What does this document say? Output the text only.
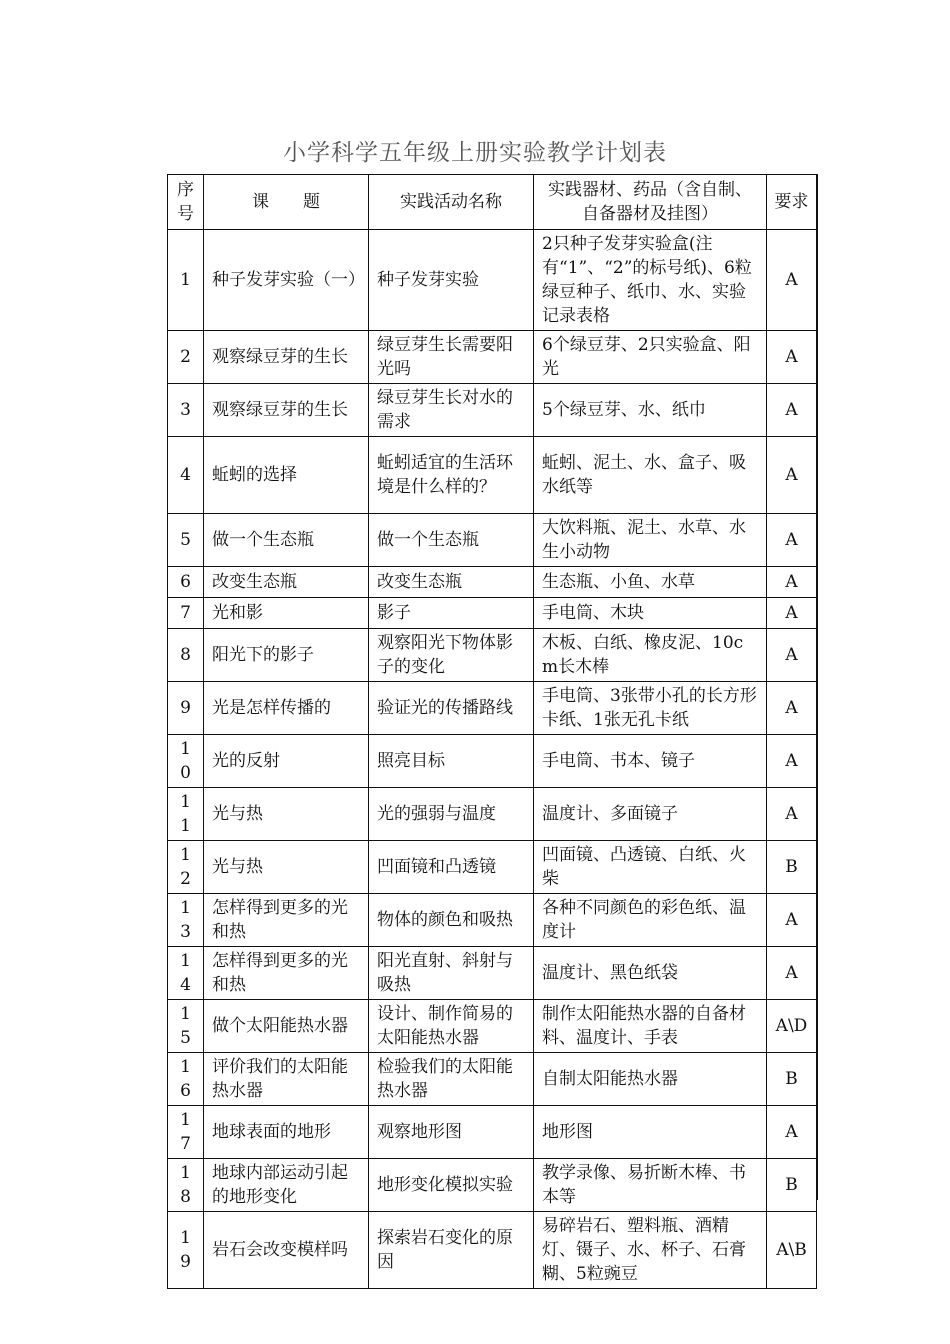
小学科学五年级上册实验教学计划表
序号	课　　题	实践活动名称	实践器材、药品（含自制、自备器材及挂图）	要求
1	种子发芽实验（一）	种子发芽实验	2只种子发芽实验盒(注有“1”、“2”的标号纸)、6粒绿豆种子、纸巾、水、实验记录表格	A
2	观察绿豆芽的生长	绿豆芽生长需要阳光吗	6个绿豆芽、2只实验盒、阳光	A
3	观察绿豆芽的生长	绿豆芽生长对水的需求	5个绿豆芽、水、纸巾	A
4	蚯蚓的选择	蚯蚓适宜的生活环境是什么样的？	蚯蚓、泥土、水、盒子、吸水纸等	A
5	做一个生态瓶	做一个生态瓶	大饮料瓶、泥土、水草、水生小动物	A
6	改变生态瓶	改变生态瓶	生态瓶、小鱼、水草	A
7	光和影	影子	手电筒、木块	A
8	阳光下的影子	观察阳光下物体影子的变化	木板、白纸、橡皮泥、10cm长木棒	A
9	光是怎样传播的	验证光的传播路线	手电筒、3张带小孔的长方形卡纸、1张无孔卡纸	A
10	光的反射	照亮目标	手电筒、书本、镜子	A
11	光与热	光的强弱与温度	温度计、多面镜子	A
12	光与热	凹面镜和凸透镜	凹面镜、凸透镜、白纸、火柴	B
13	怎样得到更多的光和热	物体的颜色和吸热	各种不同颜色的彩色纸、温度计	A
14	怎样得到更多的光和热	阳光直射、斜射与吸热	温度计、黑色纸袋	A
15	做个太阳能热水器	设计、制作简易的太阳能热水器	制作太阳能热水器的自备材料、温度计、手表	A\D
16	评价我们的太阳能热水器	检验我们的太阳能热水器	自制太阳能热水器	B
17	地球表面的地形	观察地形图	地形图	A
18	地球内部运动引起的地形变化	地形变化模拟实验	教学录像、易折断木棒、书本等	B
19	岩石会改变模样吗	探索岩石变化的原因	易碎岩石、塑料瓶、酒精灯、镊子、水、杯子、石膏糊、5粒豌豆	A\B
